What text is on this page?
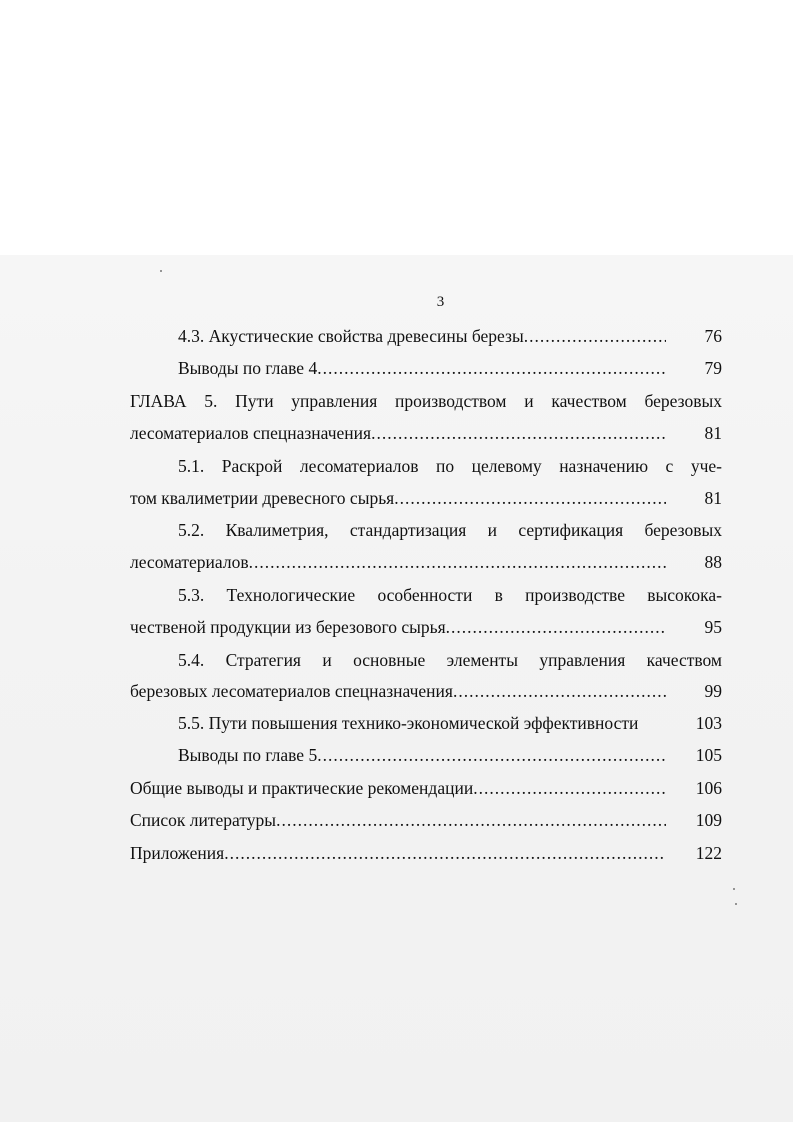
3
4.3. Акустические свойства древесины березы .....	76
Выводы по главе 4 .....	79
ГЛАВА 5. Пути управления производством и качеством березовых
лесоматериалов спецназначения .....	81
5.1. Раскрой лесоматериалов по целевому назначению с уче-
том квалиметрии древесного сырья .....	81
5.2. Квалиметрия, стандартизация и сертификация березовых
лесоматериалов .....	88
5.3. Технологические особенности в производстве высокока-
чественой продукции из березового сырья .....	95
5.4. Стратегия и основные элементы управления качеством
березовых лесоматериалов спецназначения .....	99
5.5. Пути повышения технико-экономической эффективности	103
Выводы по главе 5 .....	105
Общие выводы и практические рекомендации .....	106
Список литературы .....	109
Приложения .....	122
